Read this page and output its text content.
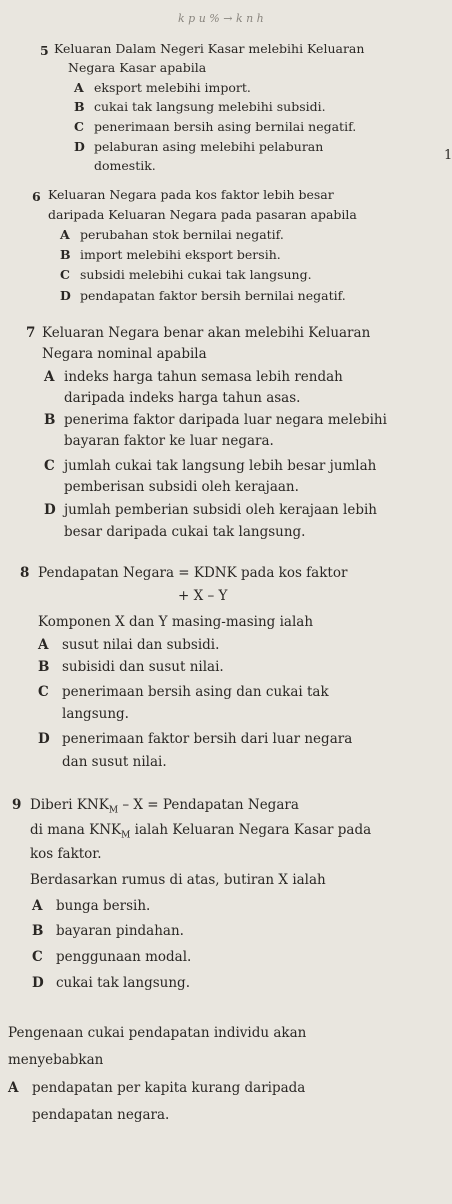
k p u % → k n h
1
5 Keluaran Dalam Negeri Kasar melebihi Keluaran
Negara Kasar apabila
A eksport melebihi import.
B cukai tak langsung melebihi subsidi.
C penerimaan bersih asing bernilai negatif.
D pelaburan asing melebihi pelaburan
domestik.
6 Keluaran Negara pada kos faktor lebih besar
daripada Keluaran Negara pada pasaran apabila
A perubahan stok bernilai negatif.
B import melebihi eksport bersih.
C subsidi melebihi cukai tak langsung.
D pendapatan faktor bersih bernilai negatif.
7 Keluaran Negara benar akan melebihi Keluaran
Negara nominal apabila
A indeks harga tahun semasa lebih rendah
daripada indeks harga tahun asas.
B penerima faktor daripada luar negara melebihi
bayaran faktor ke luar negara.
C jumlah cukai tak langsung lebih besar jumlah
pemberisan subsidi oleh kerajaan.
D jumlah pemberian subsidi oleh kerajaan lebih
besar daripada cukai tak langsung.
8 Pendapatan Negara = KDNK pada kos faktor
+ X – Y
Komponen X dan Y masing-masing ialah
A susut nilai dan subsidi.
B subisidi dan susut nilai.
C penerimaan bersih asing dan cukai tak
langsung.
D penerimaan faktor bersih dari luar negara
dan susut nilai.
9 Diberi $KNK_M$ – X = Pendapatan Negara
di mana $KNK_M$ ialah Keluaran Negara Kasar pada
kos faktor.
Berdasarkan rumus di atas, butiran X ialah
A bunga bersih.
B bayaran pindahan.
C penggunaan modal.
D cukai tak langsung.
Pengenaan cukai pendapatan individu akan
menyebabkan
A pendapatan per kapita kurang daripada
pendapatan negara.
